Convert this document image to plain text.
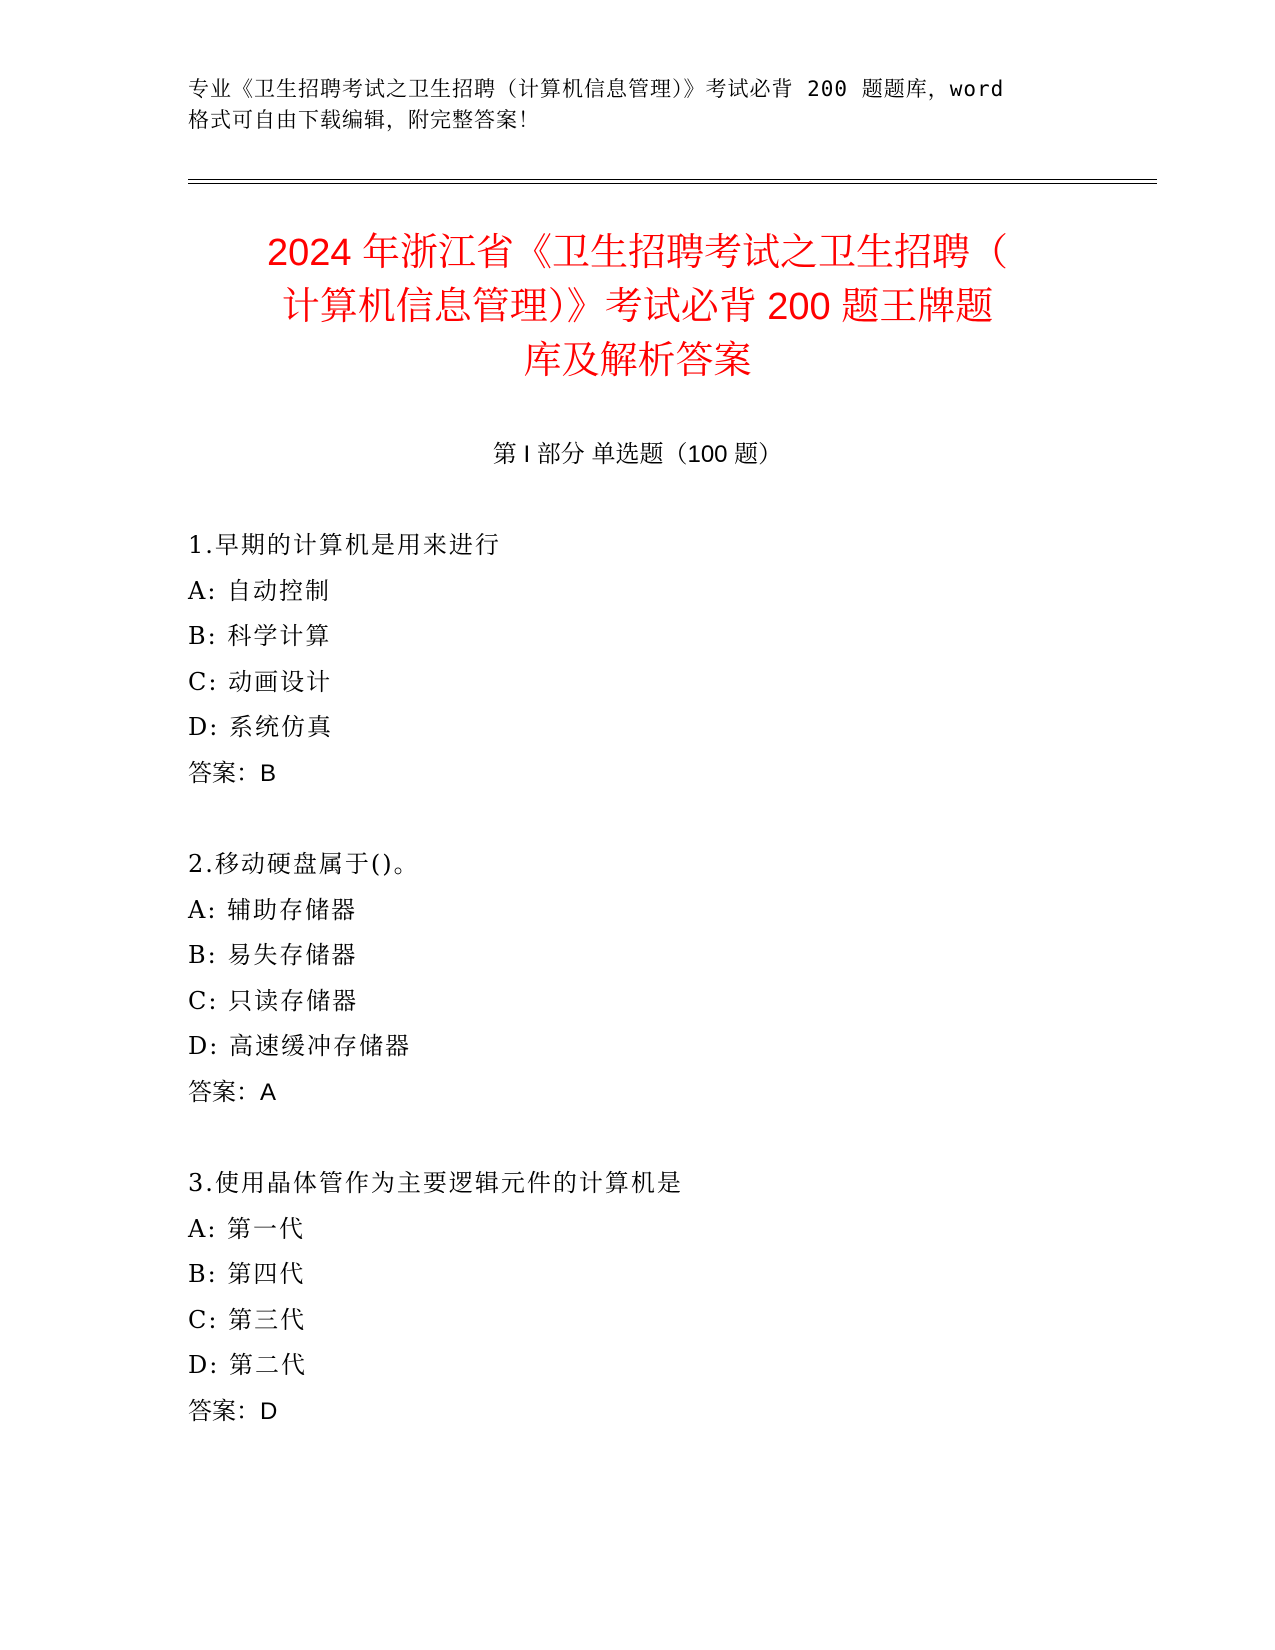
专业《卫生招聘考试之卫生招聘（计算机信息管理）》考试必背 200 题题库，word
格式可自由下载编辑，附完整答案！
2024 年浙江省《卫生招聘考试之卫生招聘（
计算机信息管理）》考试必背 200 题王牌题
库及解析答案
第 I 部分 单选题（100 题）
1.早期的计算机是用来进行
A: 自动控制
B: 科学计算
C: 动画设计
D: 系统仿真
答案：B
2.移动硬盘属于()。
A: 辅助存储器
B: 易失存储器
C: 只读存储器
D: 高速缓冲存储器
答案：A
3.使用晶体管作为主要逻辑元件的计算机是
A: 第一代
B: 第四代
C: 第三代
D: 第二代
答案：D
